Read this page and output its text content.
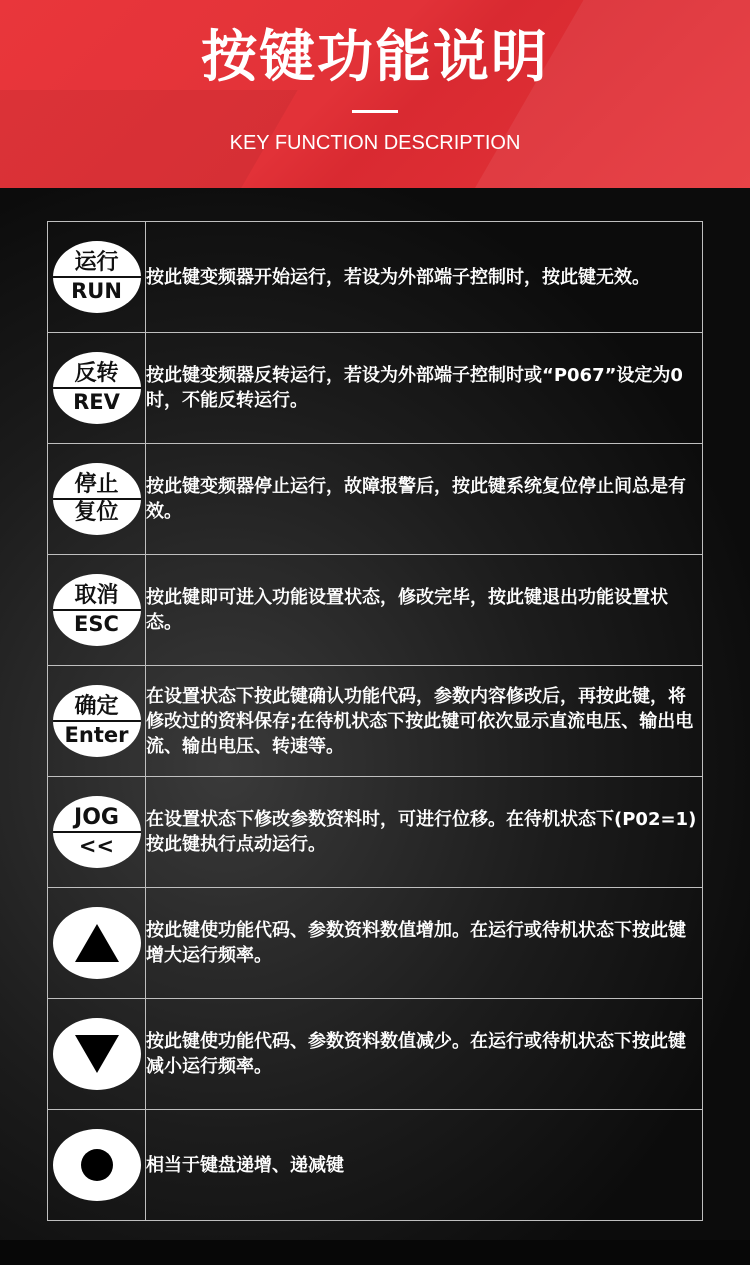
按键功能说明
KEY FUNCTION DESCRIPTION
运行
RUN	按此键变频器开始运行，若设为外部端子控制时，按此键无效。

反转
REV	按此键变频器反转运行，若设为外部端子控制时或“P067”设定为0时，不能反转运行。

停止
复位	按此键变频器停止运行，故障报警后，按此键系统复位停止间总是有效。

取消
ESC	按此键即可进入功能设置状态，修改完毕，按此键退出功能设置状态。

确定
Enter	在设置状态下按此键确认功能代码，参数内容修改后，再按此键，将修改过的资料保存;在待机状态下按此键可依次显示直流电压、输出电流、输出电压、转速等。

JOG
<<	在设置状态下修改参数资料时，可进行位移。在待机状态下(P02=1)按此键执行点动运行。

	按此键使功能代码、参数资料数值增加。在运行或待机状态下按此键增大运行频率。

	按此键使功能代码、参数资料数值减少。在运行或待机状态下按此键减小运行频率。

	相当于键盘递增、递减键
